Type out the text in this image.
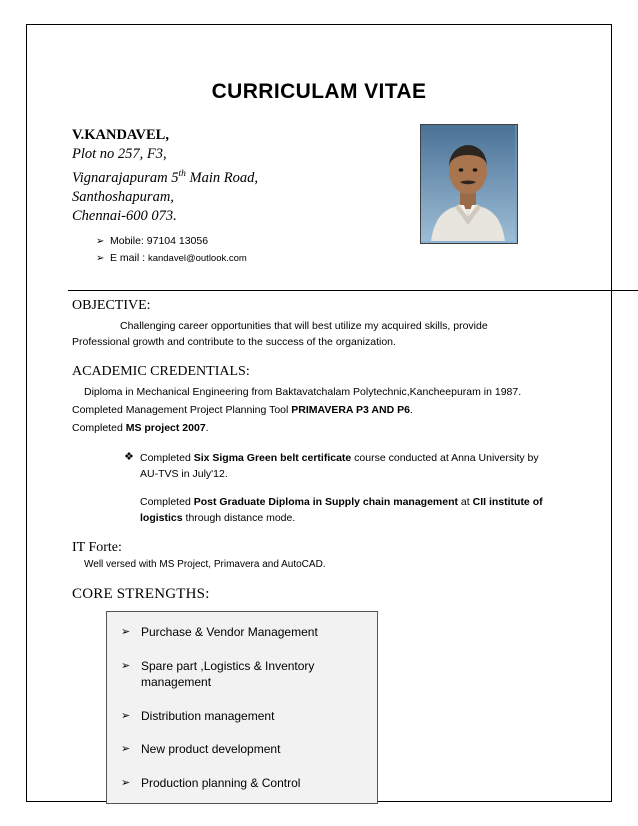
CURRICULAM VITAE
V.KANDAVEL,
Plot no 257, F3,
Vignarajapuram 5th Main Road,
Santhoshapuram,
Chennai-600 073.
➢ Mobile: 97104 13056
➢ E mail : kandavel@outlook.com
OBJECTIVE:
Challenging career opportunities that will best utilize my acquired skills, provide Professional growth and contribute to the success of the organization.
ACADEMIC CREDENTIALS:
Diploma in Mechanical Engineering from Baktavatchalam Polytechnic,Kancheepuram in 1987.
Completed Management Project Planning Tool PRIMAVERA P3 AND P6.
Completed MS project 2007.
❖ Completed Six Sigma Green belt certificate course conducted at Anna University by AU-TVS in July'12.
Completed Post Graduate Diploma in Supply chain management at CII institute of logistics through distance mode.
IT Forte:
Well versed with MS Project, Primavera and AutoCAD.
CORE STRENGTHS:
➢ Purchase & Vendor Management
➢ Spare part ,Logistics & Inventory management
➢ Distribution management
➢ New product development
➢ Production planning & Control
